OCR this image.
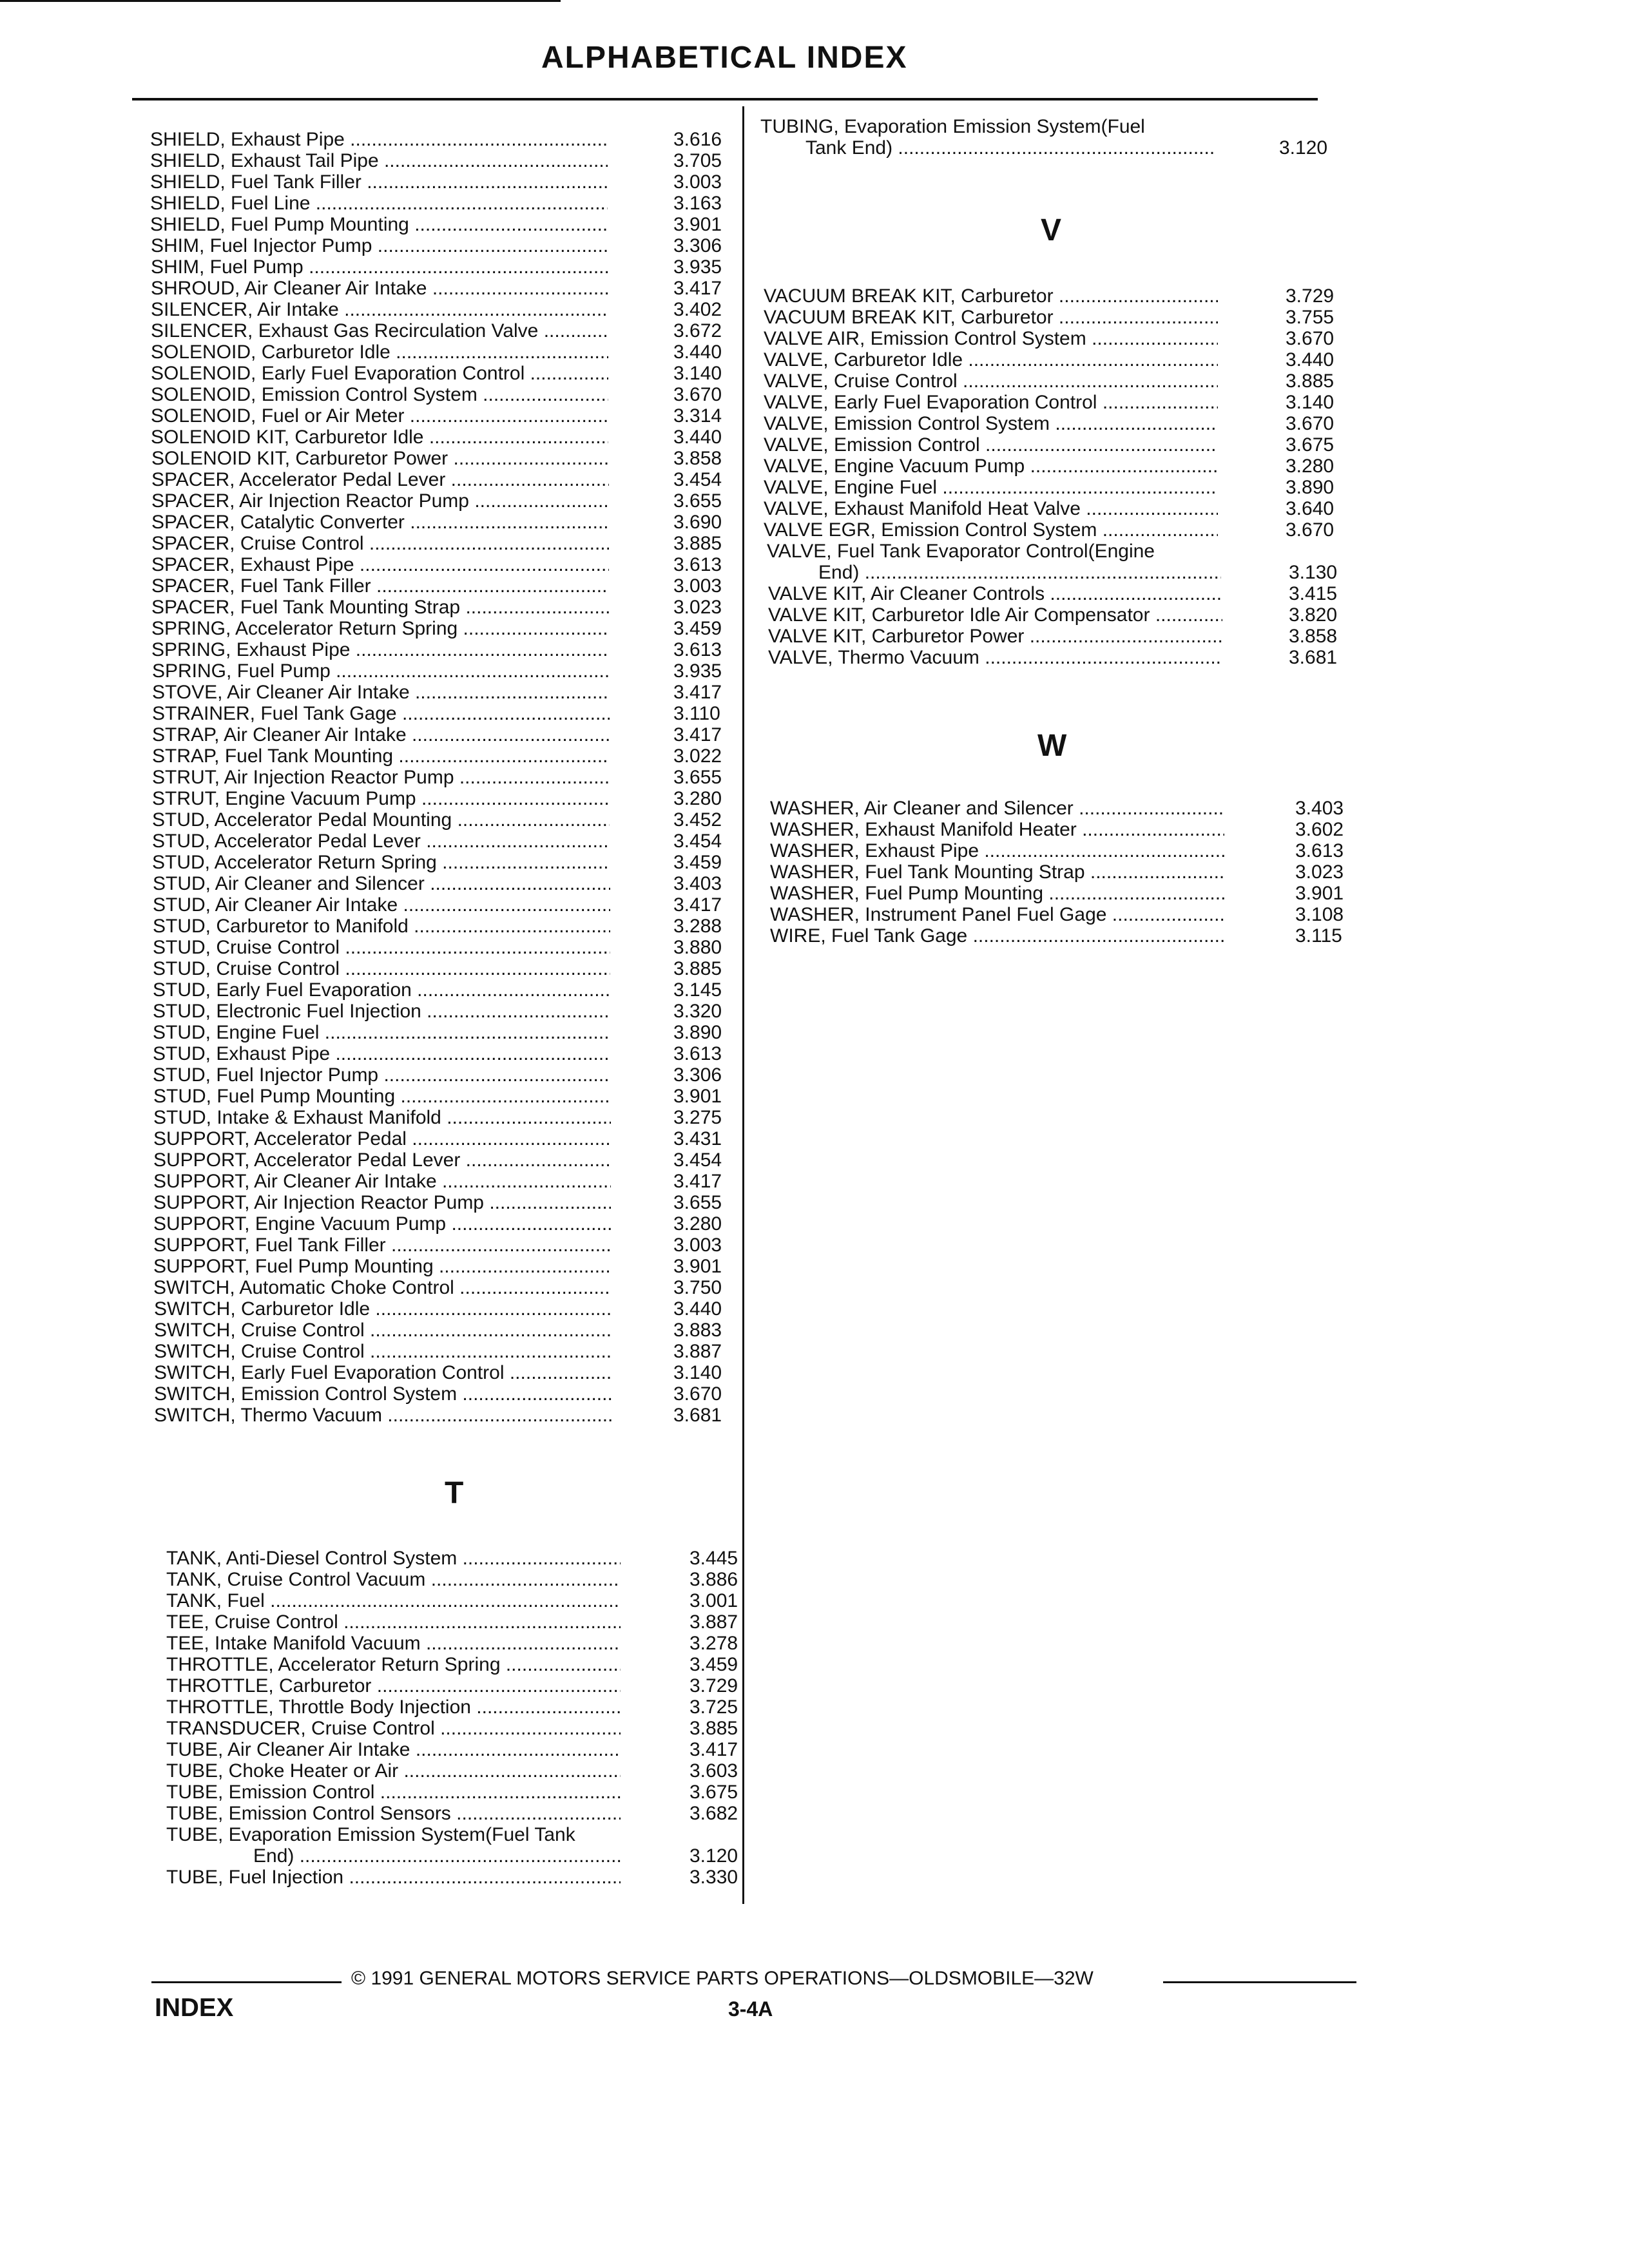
ALPHABETICAL INDEX
SHIELD, Exhaust Pipe .....	3.616
SHIELD, Exhaust Tail Pipe .....	3.705
SHIELD, Fuel Tank Filler .....	3.003
SHIELD, Fuel Line .....	3.163
SHIELD, Fuel Pump Mounting .....	3.901
SHIM, Fuel Injector Pump .....	3.306
SHIM, Fuel Pump .....	3.935
SHROUD, Air Cleaner Air Intake .....	3.417
SILENCER, Air Intake .....	3.402
SILENCER, Exhaust Gas Recirculation Valve .....	3.672
SOLENOID, Carburetor Idle .....	3.440
SOLENOID, Early Fuel Evaporation Control .....	3.140
SOLENOID, Emission Control System .....	3.670
SOLENOID, Fuel or Air Meter .....	3.314
SOLENOID KIT, Carburetor Idle .....	3.440
SOLENOID KIT, Carburetor Power .....	3.858
SPACER, Accelerator Pedal Lever .....	3.454
SPACER, Air Injection Reactor Pump .....	3.655
SPACER, Catalytic Converter .....	3.690
SPACER, Cruise Control .....	3.885
SPACER, Exhaust Pipe .....	3.613
SPACER, Fuel Tank Filler .....	3.003
SPACER, Fuel Tank Mounting Strap .....	3.023
SPRING, Accelerator Return Spring .....	3.459
SPRING, Exhaust Pipe .....	3.613
SPRING, Fuel Pump .....	3.935
STOVE, Air Cleaner Air Intake .....	3.417
STRAINER, Fuel Tank Gage .....	3.110
STRAP, Air Cleaner Air Intake .....	3.417
STRAP, Fuel Tank Mounting .....	3.022
STRUT, Air Injection Reactor Pump .....	3.655
STRUT, Engine Vacuum Pump .....	3.280
STUD, Accelerator Pedal Mounting .....	3.452
STUD, Accelerator Pedal Lever .....	3.454
STUD, Accelerator Return Spring .....	3.459
STUD, Air Cleaner and Silencer .....	3.403
STUD, Air Cleaner Air Intake .....	3.417
STUD, Carburetor to Manifold .....	3.288
STUD, Cruise Control .....	3.880
STUD, Cruise Control .....	3.885
STUD, Early Fuel Evaporation .....	3.145
STUD, Electronic Fuel Injection .....	3.320
STUD, Engine Fuel .....	3.890
STUD, Exhaust Pipe .....	3.613
STUD, Fuel Injector Pump .....	3.306
STUD, Fuel Pump Mounting .....	3.901
STUD, Intake & Exhaust Manifold .....	3.275
SUPPORT, Accelerator Pedal .....	3.431
SUPPORT, Accelerator Pedal Lever .....	3.454
SUPPORT, Air Cleaner Air Intake .....	3.417
SUPPORT, Air Injection Reactor Pump .....	3.655
SUPPORT, Engine Vacuum Pump .....	3.280
SUPPORT, Fuel Tank Filler .....	3.003
SUPPORT, Fuel Pump Mounting .....	3.901
SWITCH, Automatic Choke Control .....	3.750
SWITCH, Carburetor Idle .....	3.440
SWITCH, Cruise Control .....	3.883
SWITCH, Cruise Control .....	3.887
SWITCH, Early Fuel Evaporation Control .....	3.140
SWITCH, Emission Control System .....	3.670
SWITCH, Thermo Vacuum .....	3.681
TANK, Anti-Diesel Control System .....	3.445
TANK, Cruise Control Vacuum .....	3.886
TANK, Fuel .....	3.001
TEE, Cruise Control .....	3.887
TEE, Intake Manifold Vacuum .....	3.278
THROTTLE, Accelerator Return Spring .....	3.459
THROTTLE, Carburetor .....	3.729
THROTTLE, Throttle Body Injection .....	3.725
TRANSDUCER, Cruise Control .....	3.885
TUBE, Air Cleaner Air Intake .....	3.417
TUBE, Choke Heater or Air .....	3.603
TUBE, Emission Control .....	3.675
TUBE, Emission Control Sensors .....	3.682
TUBE, Evaporation Emission System(Fuel Tank
End) .....	3.120
TUBE, Fuel Injection .....	3.330
TUBING, Evaporation Emission System(Fuel
Tank End) .....	3.120
VACUUM BREAK KIT, Carburetor .....	3.729
VACUUM BREAK KIT, Carburetor .....	3.755
VALVE AIR, Emission Control System .....	3.670
VALVE, Carburetor Idle .....	3.440
VALVE, Cruise Control .....	3.885
VALVE, Early Fuel Evaporation Control .....	3.140
VALVE, Emission Control System .....	3.670
VALVE, Emission Control .....	3.675
VALVE, Engine Vacuum Pump .....	3.280
VALVE, Engine Fuel .....	3.890
VALVE, Exhaust Manifold Heat Valve .....	3.640
VALVE EGR, Emission Control System .....	3.670
VALVE, Fuel Tank Evaporator Control(Engine
End) .....	3.130
VALVE KIT, Air Cleaner Controls .....	3.415
VALVE KIT, Carburetor Idle Air Compensator .....	3.820
VALVE KIT, Carburetor Power .....	3.858
VALVE, Thermo Vacuum .....	3.681
WASHER, Air Cleaner and Silencer .....	3.403
WASHER, Exhaust Manifold Heater .....	3.602
WASHER, Exhaust Pipe .....	3.613
WASHER, Fuel Tank Mounting Strap .....	3.023
WASHER, Fuel Pump Mounting .....	3.901
WASHER, Instrument Panel Fuel Gage .....	3.108
WIRE, Fuel Tank Gage .....	3.115
T
V
W
© 1991 GENERAL MOTORS SERVICE PARTS OPERATIONS—OLDSMOBILE—32W
INDEX	3-4A
